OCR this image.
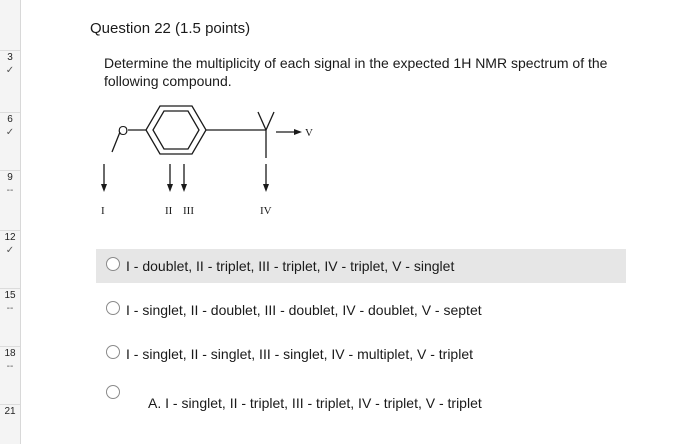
3
✓
6
✓
9
--
12
✓
15
--
18
--
21
Question 22 (1.5 points)
Determine the multiplicity of each signal in the expected 1H NMR spectrum of the following compound.
O
I	II III	IV
V
I - doublet, II - triplet, III - triplet, IV - triplet, V - singlet
I - singlet, II - doublet, III - doublet, IV - doublet, V - septet
I - singlet, II - singlet, III - singlet, IV - multiplet, V - triplet
A. I - singlet, II - triplet, III - triplet, IV - triplet, V - triplet
